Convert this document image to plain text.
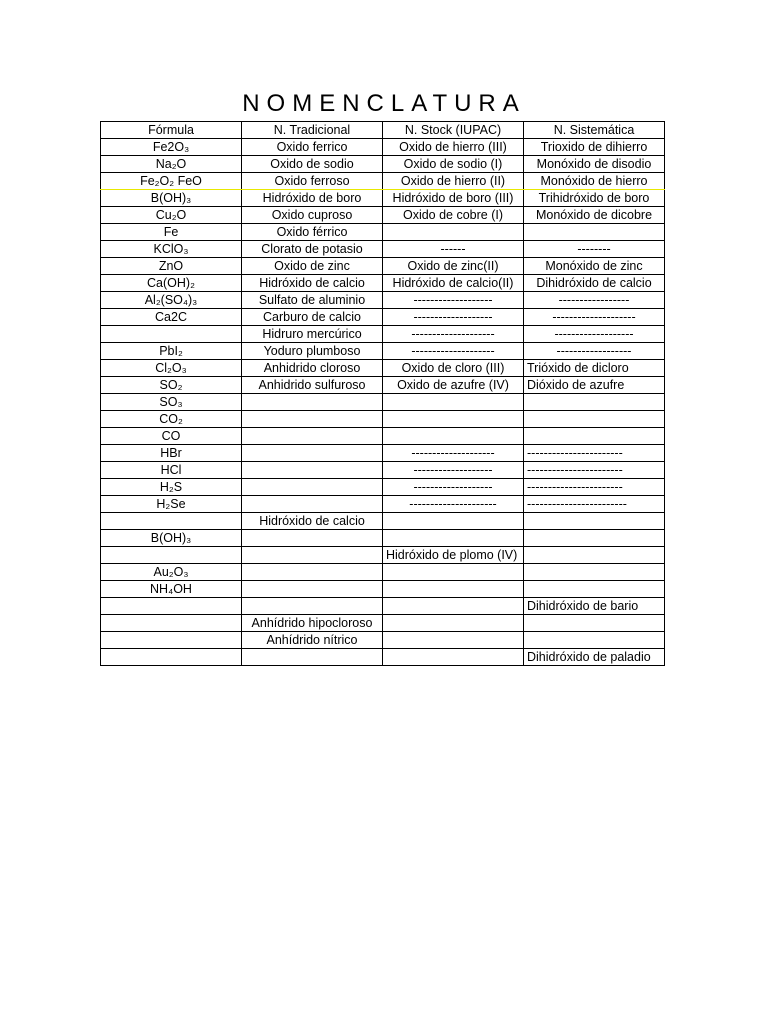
NOMENCLATURA
Fórmula	N. Tradicional	N. Stock (IUPAC)	N. Sistemática
Fe2O₃	Oxido ferrico	Oxido de hierro (III)	Trioxido de dihierro
Na₂O	Oxido de sodio	Oxido de sodio (I)	Monóxido de disodio
Fe₂O₂ FeO	Oxido ferroso	Oxido de hierro (II)	Monóxido de hierro
B(OH)₃	Hidróxido de boro	Hidróxido de boro (III)	Trihidróxido de boro
Cu₂O	Oxido cuproso	Oxido de cobre (I)	Monóxido de dicobre
Fe	Oxido férrico		
KClO₃	Clorato de potasio	------	--------
ZnO	Oxido de zinc	Oxido de zinc(II)	Monóxido de zinc
Ca(OH)₂	Hidróxido de calcio	Hidróxido de calcio(II)	Dihidróxido de calcio
Al₂(SO₄)₃	Sulfato de aluminio	-------------------	-----------------
Ca2C	Carburo de calcio	-------------------	--------------------
	Hidruro mercúrico	--------------------	-------------------
PbI₂	Yoduro plumboso	--------------------	------------------
Cl₂O₃	Anhidrido cloroso	Oxido de cloro (III)	Trióxido de dicloro
SO₂	Anhidrido sulfuroso	Oxido de azufre (IV)	Dióxido de azufre
SO₃			
CO₂			
CO			
HBr		--------------------	-----------------------
HCl		-------------------	-----------------------
H₂S		-------------------	-----------------------
H₂Se		---------------------	------------------------
	Hidróxido de calcio		
B(OH)₃			
		Hidróxido de plomo (IV)	
Au₂O₃			
NH₄OH			
			Dihidróxido de bario
	Anhídrido hipocloroso		
	Anhídrido nítrico		
			Dihidróxido de paladio
